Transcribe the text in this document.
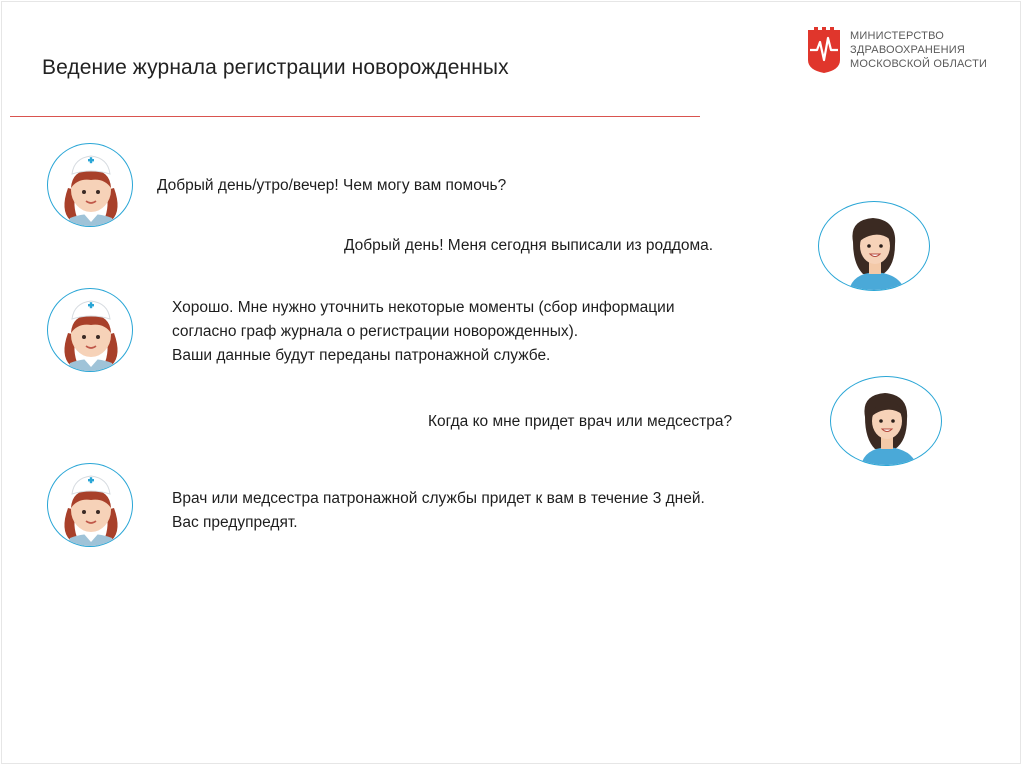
Ведение журнала регистрации новорожденных
МИНИСТЕРСТВО
ЗДРАВООХРАНЕНИЯ
МОСКОВСКОЙ ОБЛАСТИ
Добрый день/утро/вечер! Чем могу вам помочь?
Добрый день! Меня сегодня выписали из роддома.
Хорошо. Мне нужно уточнить некоторые моменты (сбор информации
согласно граф журнала о регистрации новорожденных).
Ваши данные будут переданы патронажной службе.
Когда ко мне придет врач или медсестра?
Врач или медсестра патронажной службы придет к вам в течение 3 дней.
Вас предупредят.
